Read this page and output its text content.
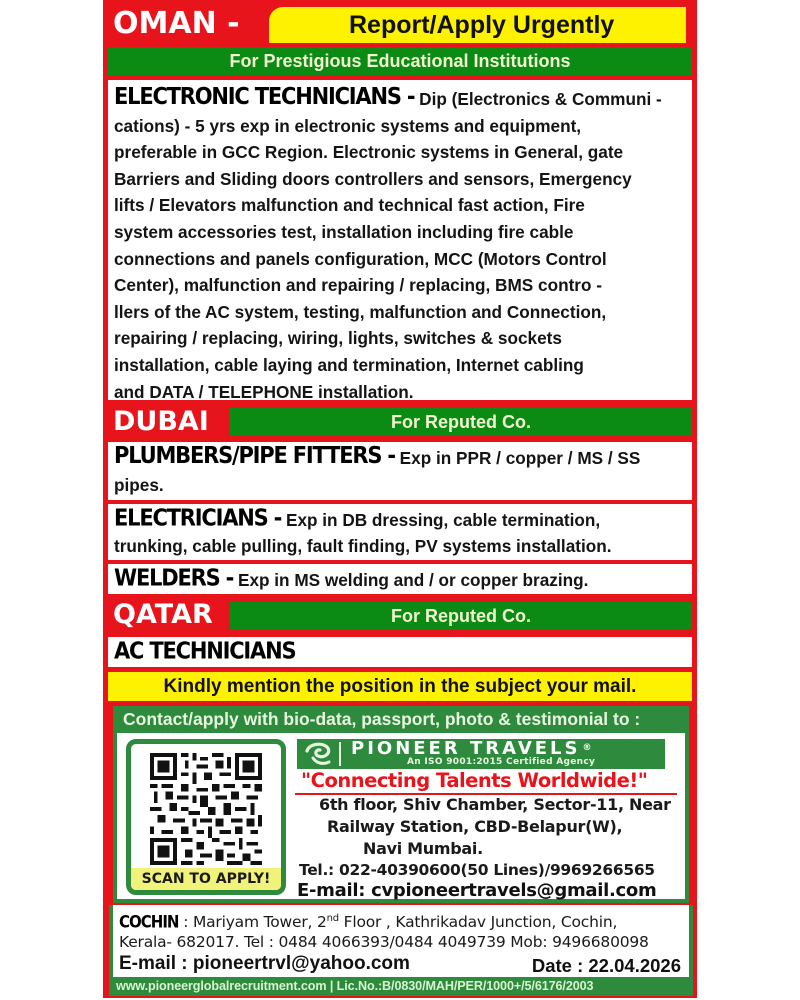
OMAN -	Report/Apply Urgently
For Prestigious Educational Institutions
ELECTRONIC TECHNICIANS - Dip (Electronics & Communi -
cations) - 5 yrs exp in electronic systems and equipment,
preferable in GCC Region. Electronic systems in General, gate
Barriers and Sliding doors controllers and sensors, Emergency
lifts / Elevators malfunction and technical fast action, Fire
system accessories test, installation including fire cable
connections and panels configuration, MCC (Motors Control
Center), malfunction and repairing / replacing, BMS contro -
llers of the AC system, testing, malfunction and Connection,
repairing / replacing, wiring, lights, switches & sockets
installation, cable laying and termination, Internet cabling
and DATA / TELEPHONE installation.
DUBAI	For Reputed Co.
PLUMBERS/PIPE FITTERS - Exp in PPR / copper / MS / SS
pipes.
ELECTRICIANS - Exp in DB dressing, cable termination,
trunking, cable pulling, fault finding, PV systems installation.
WELDERS - Exp in MS welding and / or copper brazing.
QATAR	For Reputed Co.
AC TECHNICIANS
Kindly mention the position in the subject your mail.
Contact/apply with bio-data, passport, photo & testimonial to :
SCAN TO APPLY!
PIONEER TRAVELS ®
An ISO 9001:2015 Certified Agency
"Connecting Talents Worldwide!"
6th floor, Shiv Chamber, Sector-11, Near
Railway Station, CBD-Belapur(W),
Navi Mumbai.
Tel.: 022-40390600(50 Lines)/9969266565
E-mail: cvpioneertravels@gmail.com
COCHIN : Mariyam Tower, 2nd Floor , Kathrikadav Junction, Cochin,
Kerala- 682017. Tel : 0484 4066393/0484 4049739 Mob: 9496680098
E-mail : pioneertrvl@yahoo.com	Date : 22.04.2026
www.pioneerglobalrecruitment.com | Lic.No.:B/0830/MAH/PER/1000+/5/6176/2003
